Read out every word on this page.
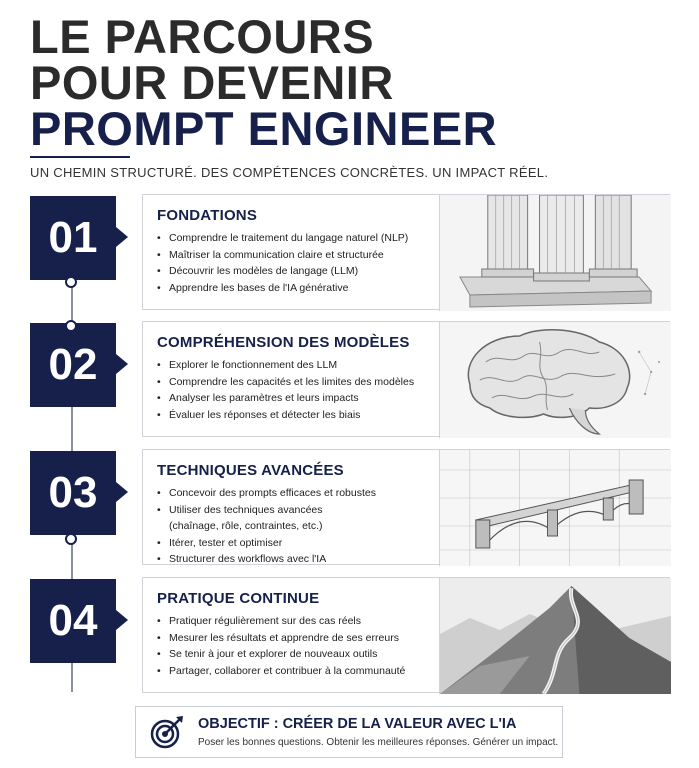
LE PARCOURS
POUR DEVENIR
PROMPT ENGINEER
UN CHEMIN STRUCTURÉ. DES COMPÉTENCES CONCRÈTES. UN IMPACT RÉEL.
01	FONDATIONS
• Comprendre le traitement du langage naturel (NLP)
• Maîtriser la communication claire et structurée
• Découvrir les modèles de langage (LLM)
• Apprendre les bases de l'IA générative
02	COMPRÉHENSION DES MODÈLES
• Explorer le fonctionnement des LLM
• Comprendre les capacités et les limites des modèles
• Analyser les paramètres et leurs impacts
• Évaluer les réponses et détecter les biais
03	TECHNIQUES AVANCÉES
• Concevoir des prompts efficaces et robustes
• Utiliser des techniques avancées
(chaînage, rôle, contraintes, etc.)
• Itérer, tester et optimiser
• Structurer des workflows avec l'IA
04	PRATIQUE CONTINUE
• Pratiquer régulièrement sur des cas réels
• Mesurer les résultats et apprendre de ses erreurs
• Se tenir à jour et explorer de nouveaux outils
• Partager, collaborer et contribuer à la communauté
OBJECTIF : CRÉER DE LA VALEUR AVEC L'IA

Poser les bonnes questions. Obtenir les meilleures réponses. Générer un impact.
